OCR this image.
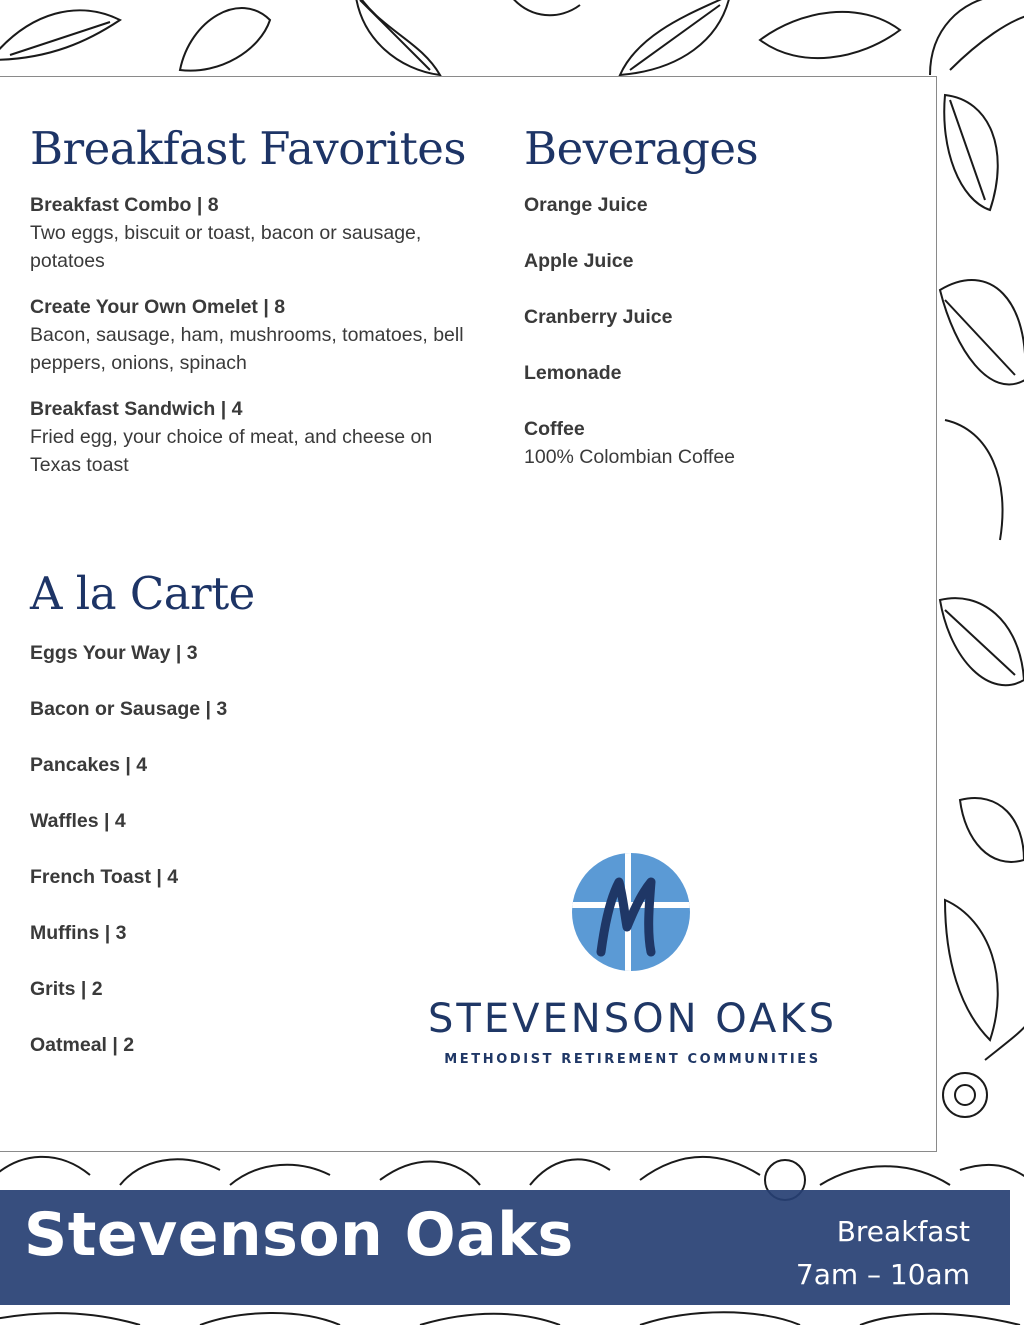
Breakfast Favorites
Breakfast Combo | 8
Two eggs, biscuit or toast, bacon or sausage, potatoes
Create Your Own Omelet | 8
Bacon, sausage, ham, mushrooms, tomatoes, bell peppers, onions, spinach
Breakfast Sandwich | 4
Fried egg, your choice of meat, and cheese on Texas toast
Beverages
Orange Juice
Apple Juice
Cranberry Juice
Lemonade
Coffee
100% Colombian Coffee
A la Carte
Eggs Your Way | 3
Bacon or Sausage | 3
Pancakes | 4
Waffles | 4
French Toast | 4
Muffins | 3
Grits | 2
Oatmeal | 2
STEVENSON OAKS
METHODIST RETIREMENT COMMUNITIES
Stevenson Oaks	Breakfast
7am – 10am
